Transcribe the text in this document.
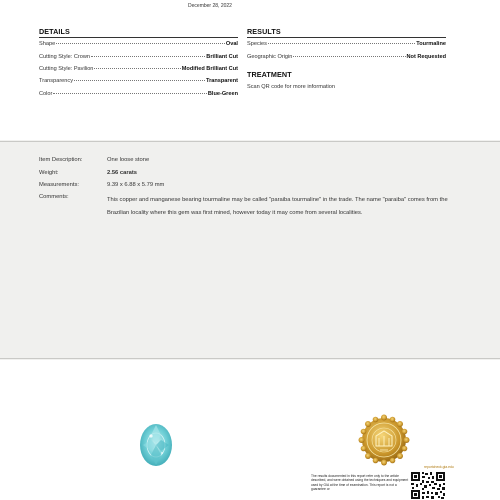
December 28, 2022
DETAILS
Shape	Oval
Cutting Style: Crown	Brilliant Cut
Cutting Style: Pavilion	Modified Brilliant Cut
Transparency	Transparent
Color	Blue-Green
RESULTS
Species	Tourmaline
Geographic Origin	Not Requested
TREATMENT
Scan QR code for more information
Item Description:	One loose stone
Weight:	2.56 carats
Measurements:	9.39 x 6.88 x 5.79 mm
Comments:	This copper and manganese bearing tourmaline may be called "paraiba tourmaline" in the trade. The name "paraiba" comes from the Brazilian locality where this gem was first mined, however today it may come from several localities.
reportcheck.gia.edu
The results documented in this report refer only to the article described, and were obtained using the techniques and equipment used by GIA at the time of examination. This report is not a guarantee or
